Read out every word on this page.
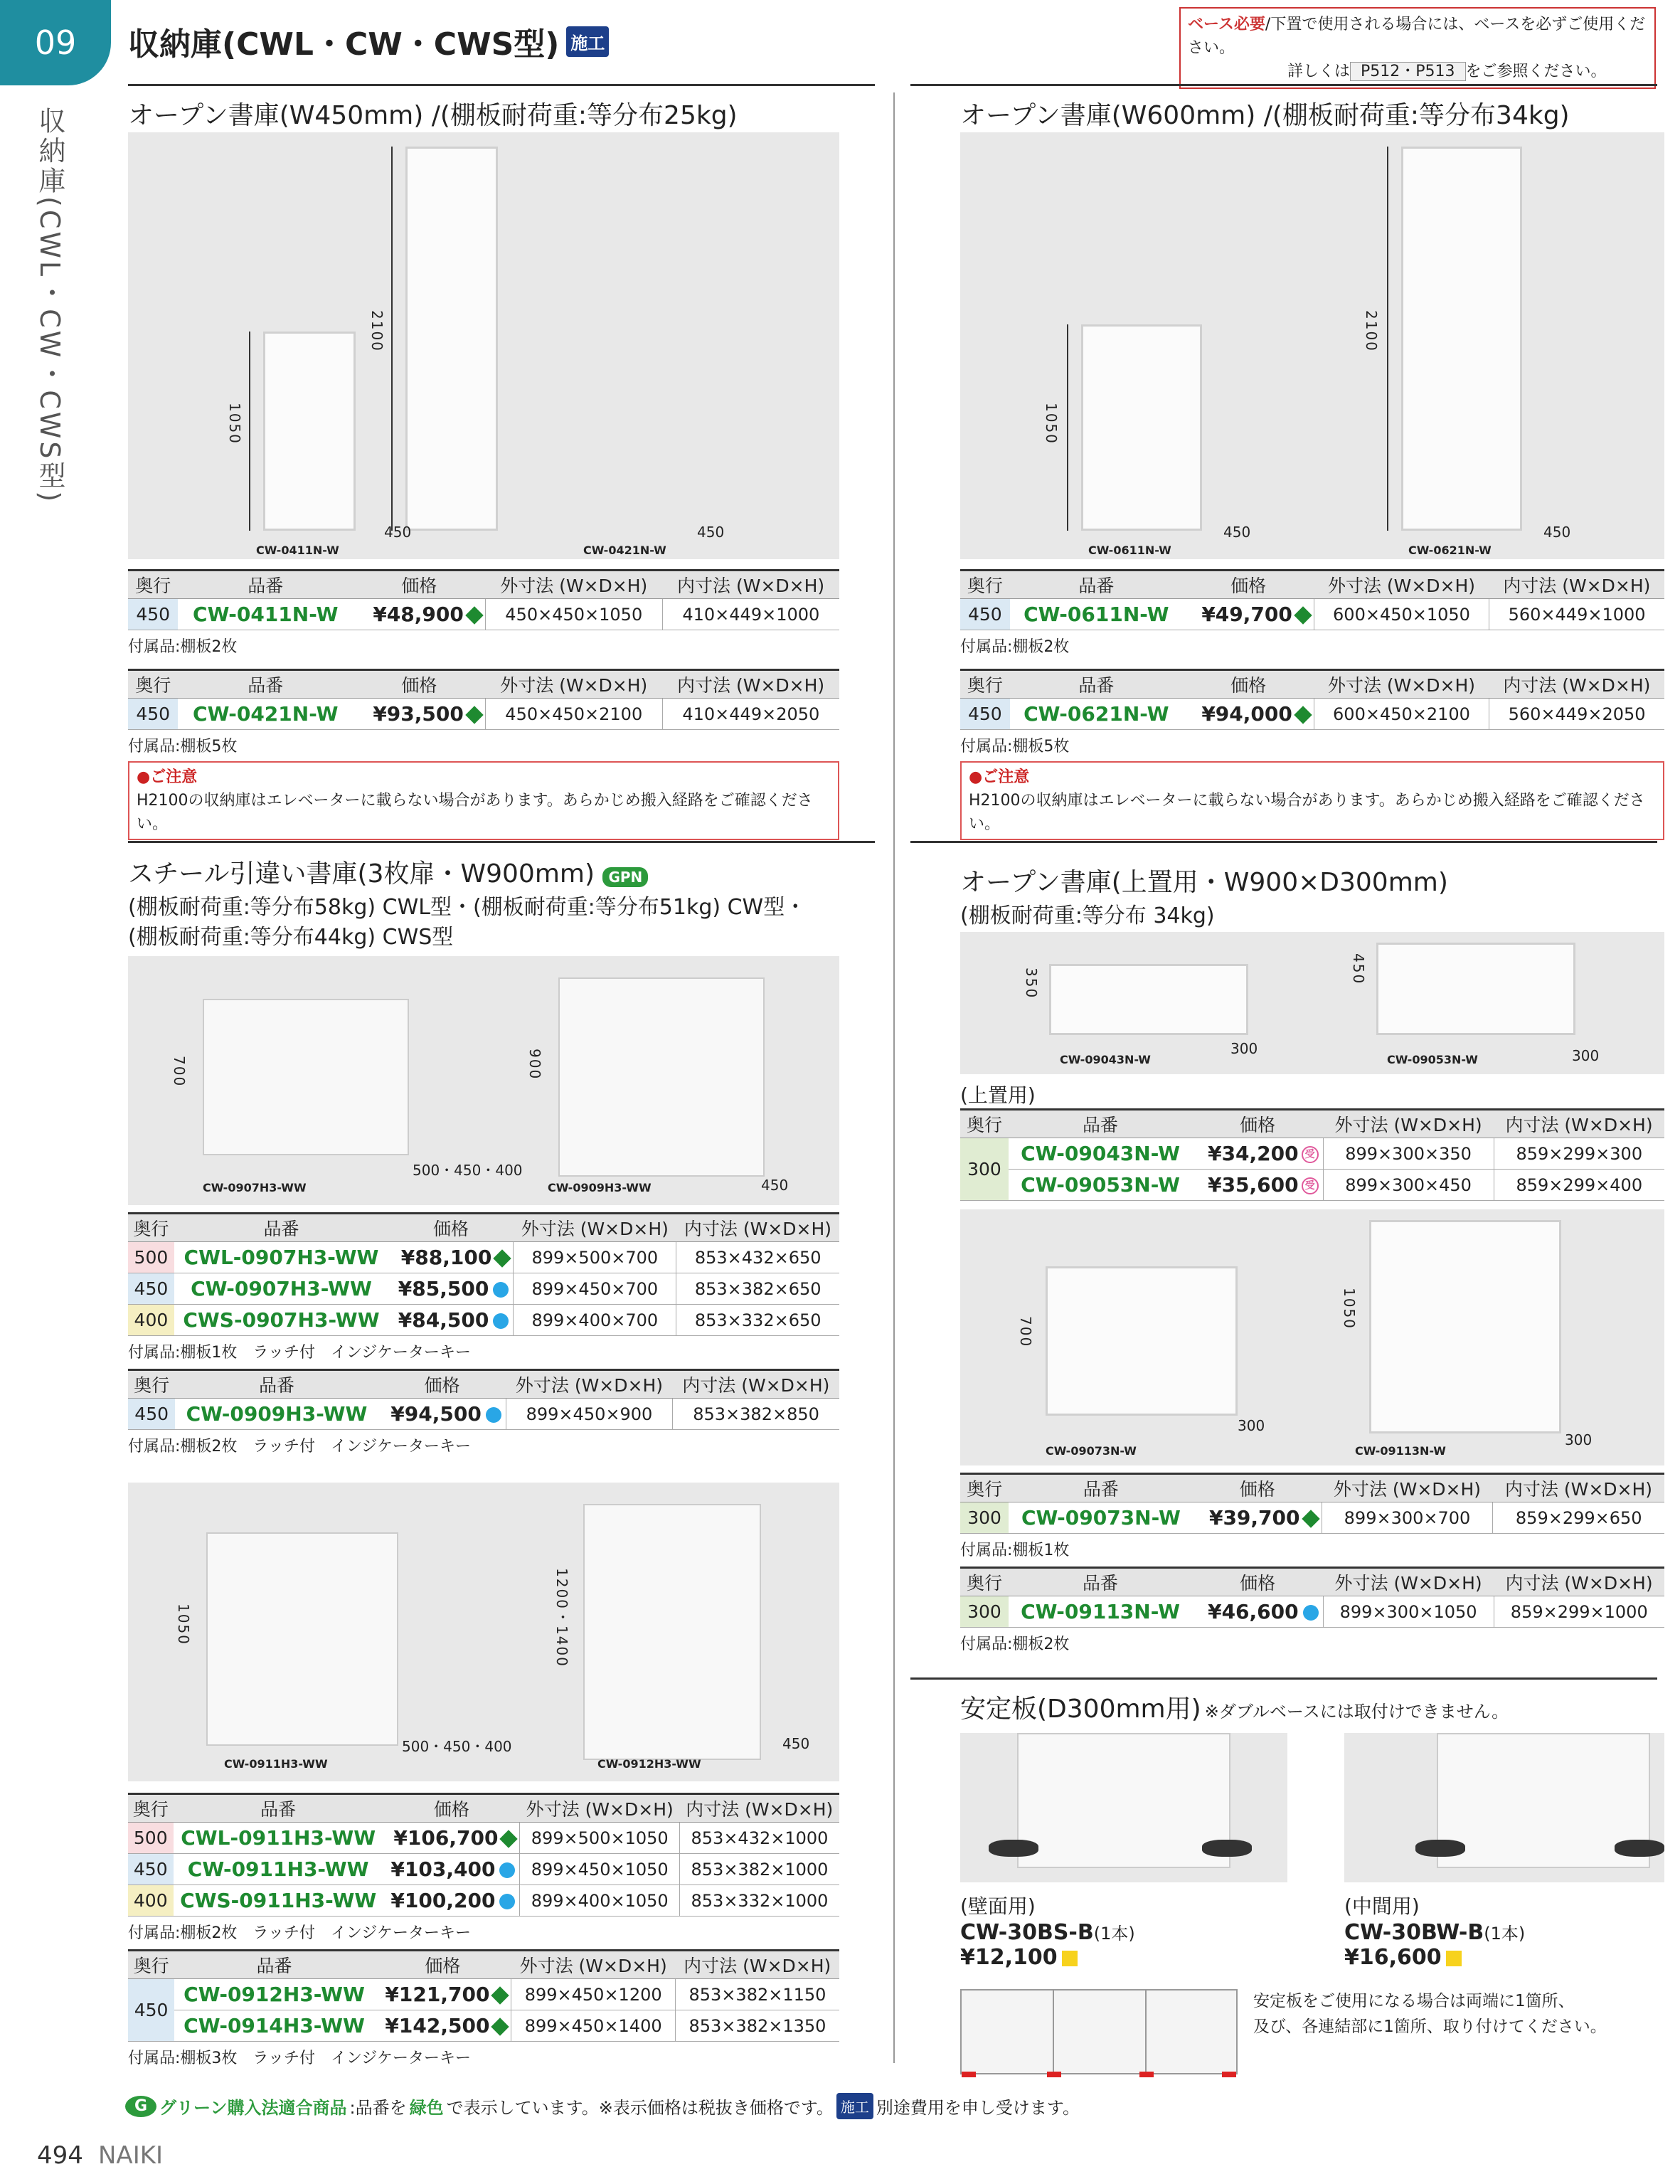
09
収納庫(CWL・CW・CWS型)
収納庫(CWL・CW・CWS型) 施工
ベース必要/下置で使用される場合には、ベースを必ずご使用ください。
詳しくは P512・P513 をご参照ください。
オープン書庫(W450mm) /(棚板耐荷重:等分布25kg)
1050
2100
450	450
CW-0411N-W	CW-0421N-W
奥行	品番	価格	外寸法 (W×D×H)	内寸法 (W×D×H)
450	CW-0411N-W	¥48,900	450×450×1050	410×449×1000
付属品:棚板2枚
奥行	品番	価格	外寸法 (W×D×H)	内寸法 (W×D×H)
450	CW-0421N-W	¥93,500	450×450×2100	410×449×2050
付属品:棚板5枚
●ご注意
H2100の収納庫はエレベーターに載らない場合があります。あらかじめ搬入経路をご確認ください。
オープン書庫(W600mm) /(棚板耐荷重:等分布34kg)
1050
2100
450	450
CW-0611N-W	CW-0621N-W
奥行	品番	価格	外寸法 (W×D×H)	内寸法 (W×D×H)
450	CW-0611N-W	¥49,700	600×450×1050	560×449×1000
付属品:棚板2枚
奥行	品番	価格	外寸法 (W×D×H)	内寸法 (W×D×H)
450	CW-0621N-W	¥94,000	600×450×2100	560×449×2050
付属品:棚板5枚
●ご注意
H2100の収納庫はエレベーターに載らない場合があります。あらかじめ搬入経路をご確認ください。
スチール引違い書庫(3枚扉・W900mm) GPN
(棚板耐荷重:等分布58kg) CWL型・(棚板耐荷重:等分布51kg) CW型・
(棚板耐荷重:等分布44kg) CWS型
700	900
500・450・400
450
CW-0907H3-WW	CW-0909H3-WW
奥行	品番	価格	外寸法 (W×D×H)	内寸法 (W×D×H)
500	CWL-0907H3-WW	¥88,100	899×500×700	853×432×650
450	CW-0907H3-WW	¥85,500	899×450×700	853×382×650
400	CWS-0907H3-WW	¥84,500	899×400×700	853×332×650
付属品:棚板1枚　ラッチ付　インジケーターキー
奥行	品番	価格	外寸法 (W×D×H)	内寸法 (W×D×H)
450	CW-0909H3-WW	¥94,500	899×450×900	853×382×850
付属品:棚板2枚　ラッチ付　インジケーターキー
1050	1200・1400
500・450・400	450
CW-0911H3-WW	CW-0912H3-WW
奥行	品番	価格	外寸法 (W×D×H)	内寸法 (W×D×H)
500	CWL-0911H3-WW	¥106,700	899×500×1050	853×432×1000
450	CW-0911H3-WW	¥103,400	899×450×1050	853×382×1000
400	CWS-0911H3-WW	¥100,200	899×400×1050	853×332×1000
付属品:棚板2枚　ラッチ付　インジケーターキー
奥行	品番	価格	外寸法 (W×D×H)	内寸法 (W×D×H)
450	CW-0912H3-WW	¥121,700	899×450×1200	853×382×1150
	CW-0914H3-WW	¥142,500	899×450×1400	853×382×1350
付属品:棚板3枚　ラッチ付　インジケーターキー
オープン書庫(上置用・W900×D300mm)
(棚板耐荷重:等分布 34kg)
350	450
300	300
CW-09043N-W	CW-09053N-W
(上置用)
奥行	品番	価格	外寸法 (W×D×H)	内寸法 (W×D×H)
300	CW-09043N-W	¥34,200 受	899×300×350	859×299×300
	CW-09053N-W	¥35,600 受	899×300×450	859×299×400
700
1050
300
300
CW-09073N-W	CW-09113N-W
奥行	品番	価格	外寸法 (W×D×H)	内寸法 (W×D×H)
300	CW-09073N-W	¥39,700	899×300×700	859×299×650
付属品:棚板1枚
奥行	品番	価格	外寸法 (W×D×H)	内寸法 (W×D×H)
300	CW-09113N-W	¥46,600	899×300×1050	859×299×1000
付属品:棚板2枚
安定板(D300mm用) ※ダブルベースには取付けできません。
(壁面用)
CW-30BS-B(1本)
¥12,100
(中間用)
CW-30BW-B(1本)
¥16,600
安定板をご使用になる場合は両端に1箇所、
及び、各連結部に1箇所、取り付けてください。
G グリーン購入法適合商品 :品番を 緑色 で表示しています。※表示価格は税抜き価格です。 施工 別途費用を申し受けます。
494 NAIKI
